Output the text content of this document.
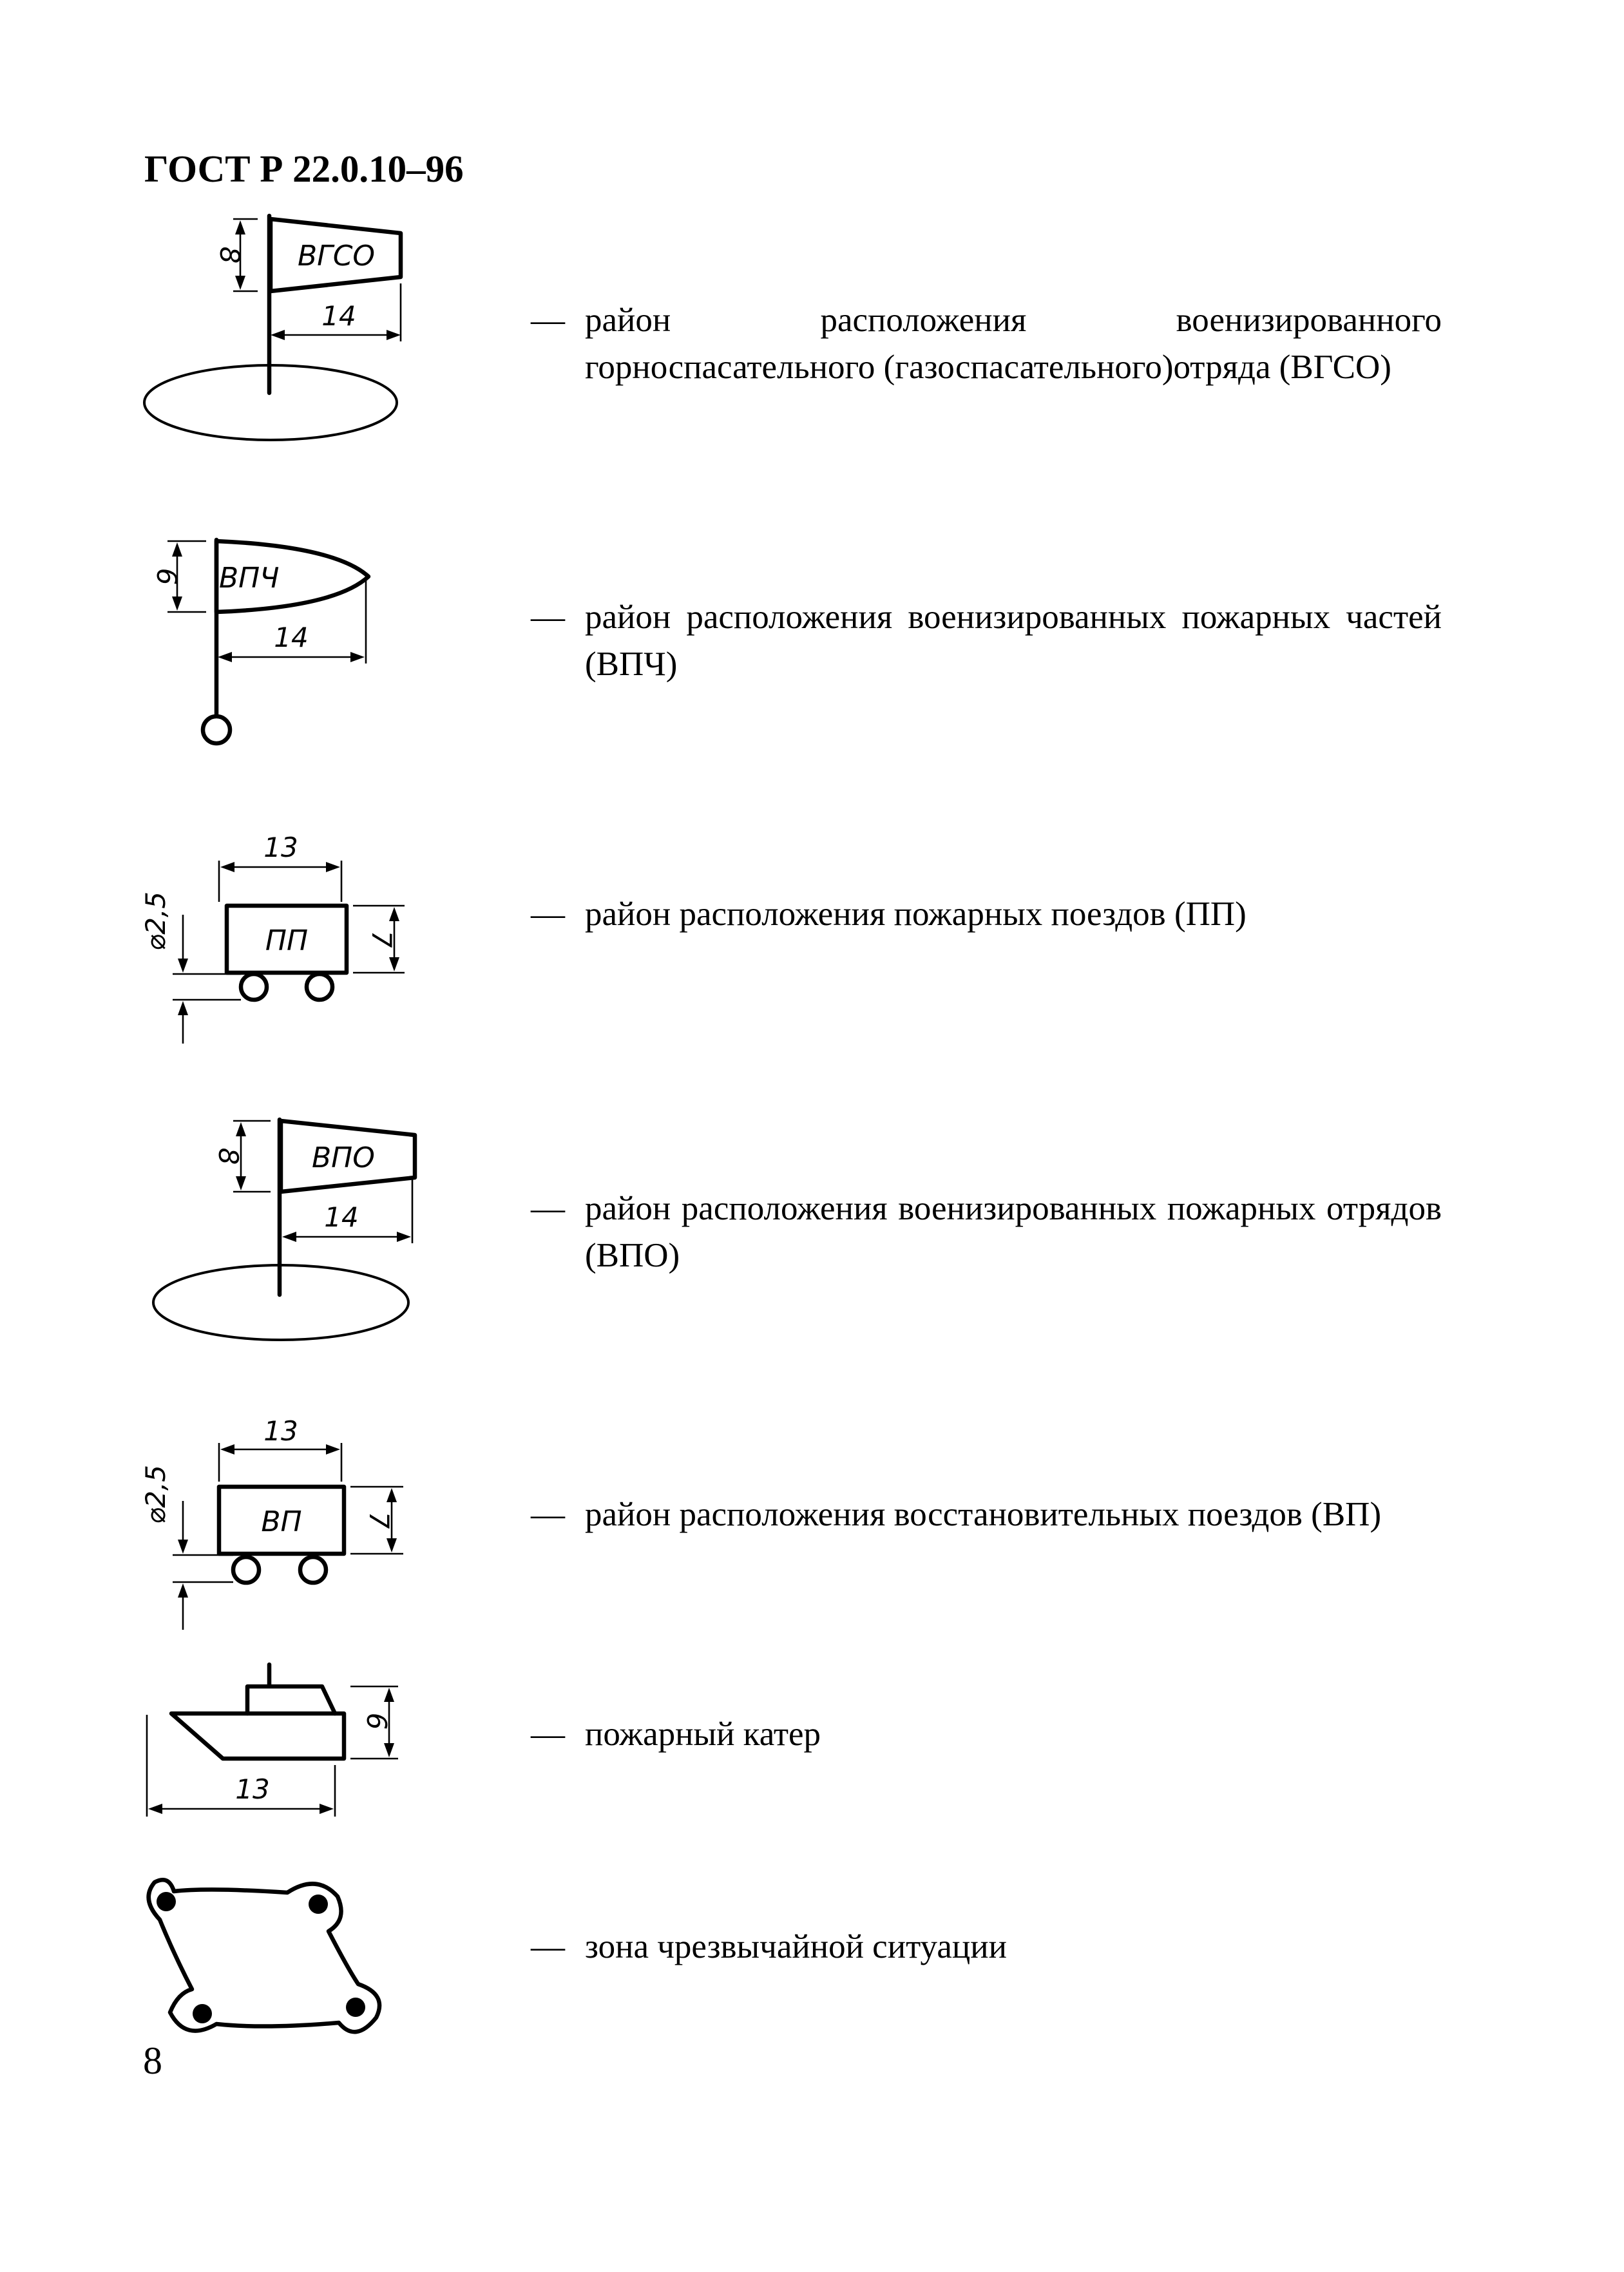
ГОСТ Р 22.0.10–96
ВГСО
8
14
ВПЧ
6
14
ПП
13
7
⌀2,5
ВПО
8
14
ВП
13
7
⌀2,5
6
13
— район расположения военизированного горноспасательного (газоспасательного)отряда (ВГСО)
— район расположения военизированных пожарных частей (ВПЧ)
— район расположения пожарных поездов (ПП)
— район расположения военизированных пожарных отрядов (ВПО)
— район расположения восстановительных поездов (ВП)
— пожарный катер
— зона чрезвычайной ситуации
8
